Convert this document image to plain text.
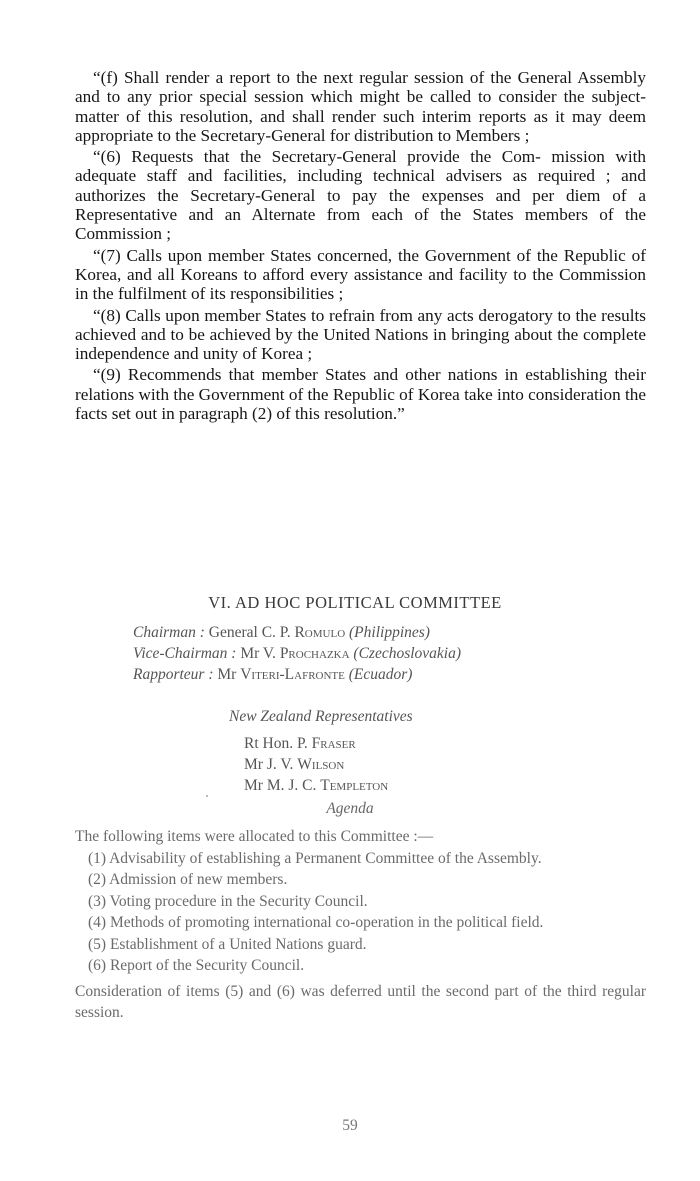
“(f) Shall render a report to the next regular session of the General Assembly and to any prior special session which might be called to consider the subject-matter of this resolution, and shall render such interim reports as it may deem appropriate to the Secretary-General for distribution to Members ;

“(6) Requests that the Secretary-General provide the Com- mission with adequate staff and facilities, including technical advisers as required ; and authorizes the Secretary-General to pay the expenses and per diem of a Representative and an Alternate from each of the States members of the Commission ;

“(7) Calls upon member States concerned, the Government of the Republic of Korea, and all Koreans to afford every assistance and facility to the Commission in the fulfilment of its responsibilities ;

“(8) Calls upon member States to refrain from any acts derogatory to the results achieved and to be achieved by the United Nations in bringing about the complete independence and unity of Korea ;

“(9) Recommends that member States and other nations in establishing their relations with the Government of the Republic of Korea take into consideration the facts set out in paragraph (2) of this resolution.”

VI. AD HOC POLITICAL COMMITTEE
Chairman : General C. P. Romulo (Philippines)
Vice-Chairman : Mr V. Prochazka (Czechoslovakia)
Rapporteur : Mr Viteri-Lafronte (Ecuador)
New Zealand Representatives
Rt Hon. P. Fraser
Mr J. V. Wilson
Mr M. J. C. Templeton
Agenda

The following items were allocated to this Committee :—

(1) Advisability of establishing a Permanent Committee of the Assembly.

(2) Admission of new members.

(3) Voting procedure in the Security Council.

(4) Methods of promoting international co-operation in the political field.

(5) Establishment of a United Nations guard.

(6) Report of the Security Council.

Consideration of items (5) and (6) was deferred until the second part of the third regular session.

59
